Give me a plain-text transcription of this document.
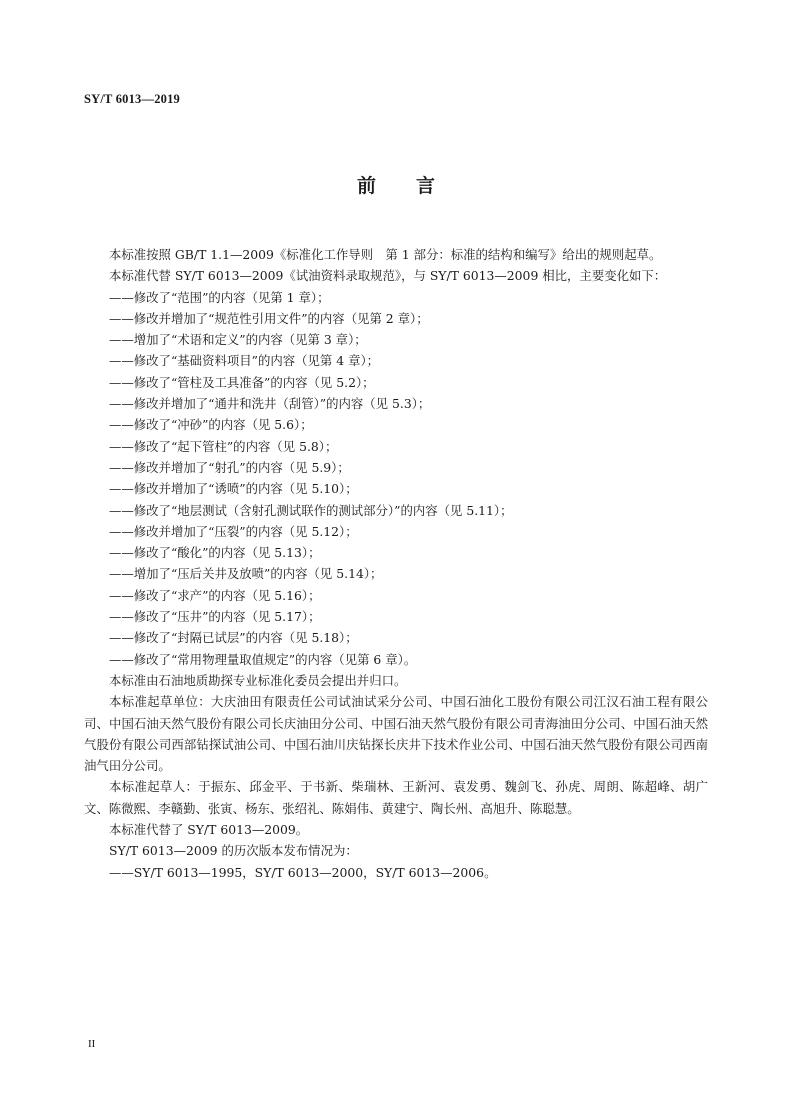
SY/T 6013—2019
前言

本标准按照 GB/T 1.1—2009《标准化工作导则　第 1 部分：标准的结构和编写》给出的规则起草。

本标准代替 SY/T 6013—2009《试油资料录取规范》，与 SY/T 6013—2009 相比，主要变化如下：

——修改了“范围”的内容（见第 1 章）；

——修改并增加了“规范性引用文件”的内容（见第 2 章）；

——增加了“术语和定义”的内容（见第 3 章）；

——修改了“基础资料项目”的内容（见第 4 章）；

——修改了“管柱及工具准备”的内容（见 5.2）；

——修改并增加了“通井和洗井（刮管）”的内容（见 5.3）；

——修改了“冲砂”的内容（见 5.6）；

——修改了“起下管柱”的内容（见 5.8）；

——修改并增加了“射孔”的内容（见 5.9）；

——修改并增加了“诱喷”的内容（见 5.10）；

——修改了“地层测试（含射孔测试联作的测试部分）”的内容（见 5.11）；

——修改并增加了“压裂”的内容（见 5.12）；

——修改了“酸化”的内容（见 5.13）；

——增加了“压后关井及放喷”的内容（见 5.14）；

——修改了“求产”的内容（见 5.16）；

——修改了“压井”的内容（见 5.17）；

——修改了“封隔已试层”的内容（见 5.18）；

——修改了“常用物理量取值规定”的内容（见第 6 章）。

本标准由石油地质勘探专业标准化委员会提出并归口。

本标准起草单位：大庆油田有限责任公司试油试采分公司、中国石油化工股份有限公司江汉石油工程有限公司、中国石油天然气股份有限公司长庆油田分公司、中国石油天然气股份有限公司青海油田分公司、中国石油天然气股份有限公司西部钻探试油公司、中国石油川庆钻探长庆井下技术作业公司、中国石油天然气股份有限公司西南油气田分公司。

本标准起草人：于振东、邱金平、于书新、柴瑞林、王新河、袁发勇、魏剑飞、孙虎、周朗、陈超峰、胡广文、陈微熙、李赣勤、张寅、杨东、张绍礼、陈娟伟、黄建宁、陶长州、高旭升、陈聪慧。

本标准代替了 SY/T 6013—2009。

SY/T 6013—2009 的历次版本发布情况为：

——SY/T 6013—1995，SY/T 6013—2000，SY/T 6013—2006。

II
